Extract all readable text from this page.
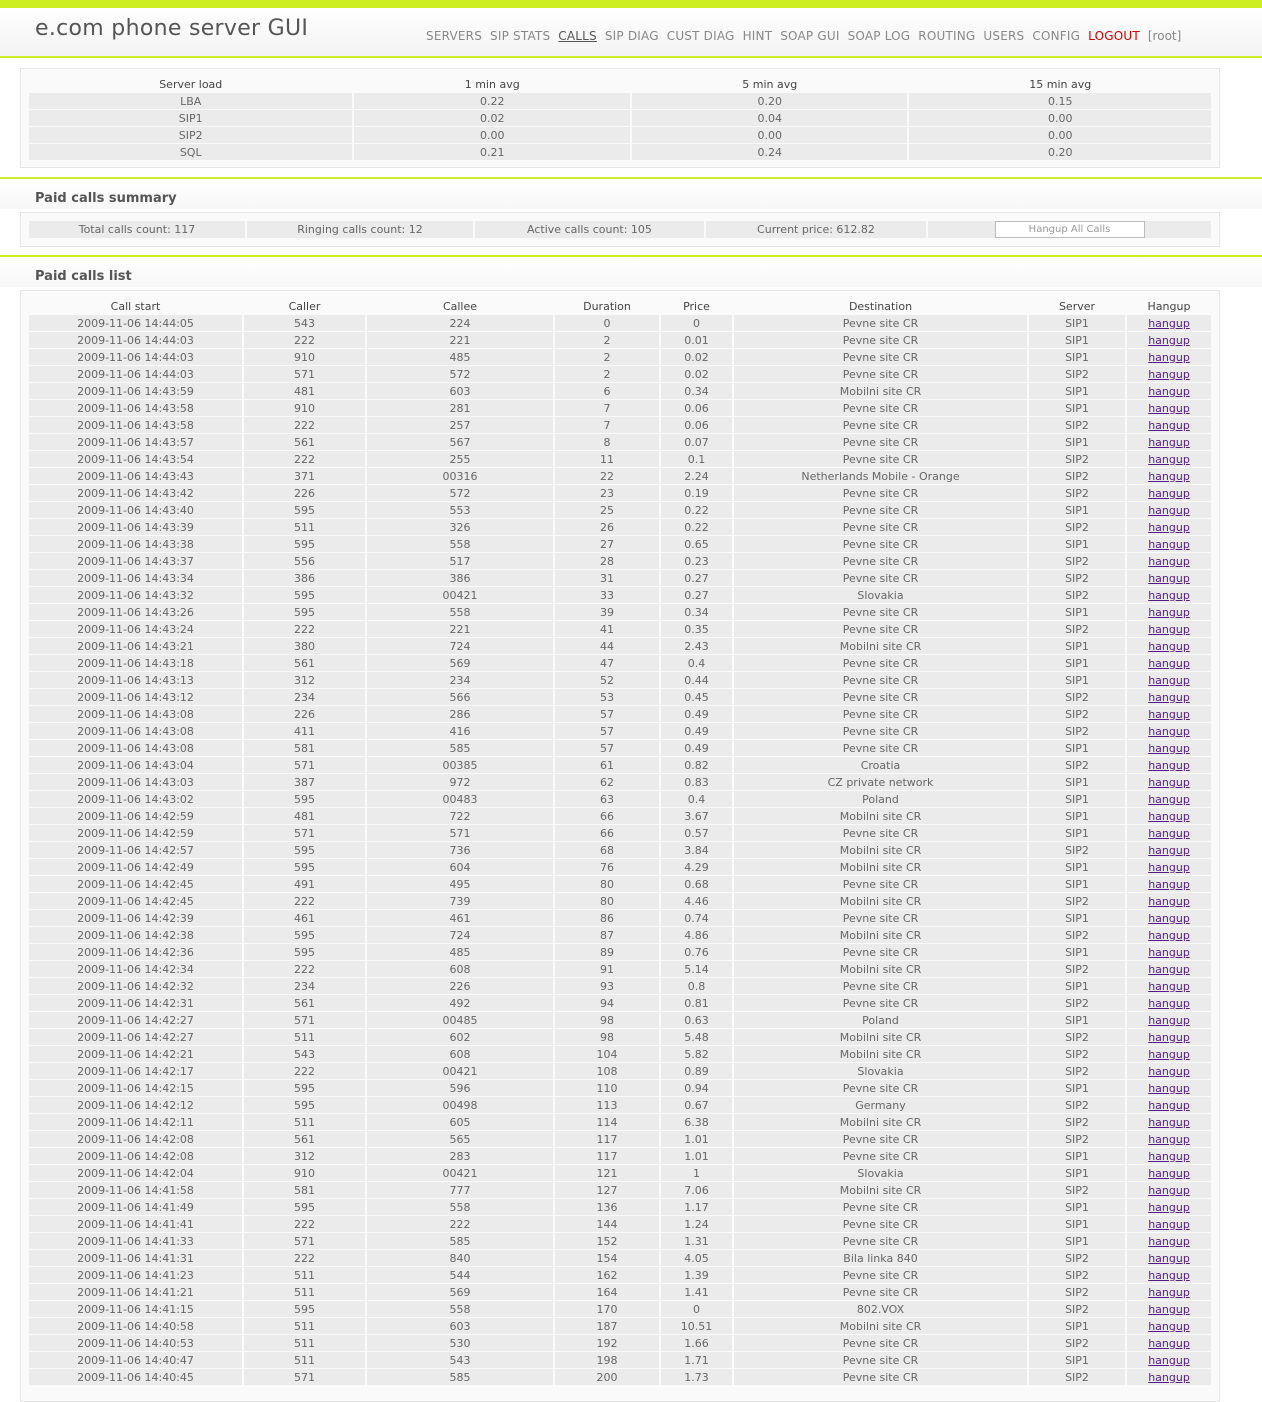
e.com phone server GUI	SERVERS SIP STATS CALLS SIP DIAG CUST DIAG HINT SOAP GUI SOAP LOG ROUTING USERS CONFIG LOGOUT [root]
Server load	1 min avg	5 min avg	15 min avg
LBA	0.22	0.20	0.15
SIP1	0.02	0.04	0.00
SIP2	0.00	0.00	0.00
SQL	0.21	0.24	0.20
Paid calls summary
Total calls count: 117	Ringing calls count: 12	Active calls count: 105	Current price: 612.82	Hangup All Calls
Paid calls list
Call start	Caller	Callee	Duration	Price	Destination	Server	Hangup
2009-11-06 14:44:05	543	224	0	0	Pevne site CR	SIP1	hangup
2009-11-06 14:44:03	222	221	2	0.01	Pevne site CR	SIP1	hangup
2009-11-06 14:44:03	910	485	2	0.02	Pevne site CR	SIP1	hangup
2009-11-06 14:44:03	571	572	2	0.02	Pevne site CR	SIP2	hangup
2009-11-06 14:43:59	481	603	6	0.34	Mobilni site CR	SIP1	hangup
2009-11-06 14:43:58	910	281	7	0.06	Pevne site CR	SIP1	hangup
2009-11-06 14:43:58	222	257	7	0.06	Pevne site CR	SIP2	hangup
2009-11-06 14:43:57	561	567	8	0.07	Pevne site CR	SIP1	hangup
2009-11-06 14:43:54	222	255	11	0.1	Pevne site CR	SIP2	hangup
2009-11-06 14:43:43	371	00316	22	2.24	Netherlands Mobile - Orange	SIP2	hangup
2009-11-06 14:43:42	226	572	23	0.19	Pevne site CR	SIP2	hangup
2009-11-06 14:43:40	595	553	25	0.22	Pevne site CR	SIP1	hangup
2009-11-06 14:43:39	511	326	26	0.22	Pevne site CR	SIP2	hangup
2009-11-06 14:43:38	595	558	27	0.65	Pevne site CR	SIP1	hangup
2009-11-06 14:43:37	556	517	28	0.23	Pevne site CR	SIP2	hangup
2009-11-06 14:43:34	386	386	31	0.27	Pevne site CR	SIP2	hangup
2009-11-06 14:43:32	595	00421	33	0.27	Slovakia	SIP2	hangup
2009-11-06 14:43:26	595	558	39	0.34	Pevne site CR	SIP1	hangup
2009-11-06 14:43:24	222	221	41	0.35	Pevne site CR	SIP2	hangup
2009-11-06 14:43:21	380	724	44	2.43	Mobilni site CR	SIP1	hangup
2009-11-06 14:43:18	561	569	47	0.4	Pevne site CR	SIP1	hangup
2009-11-06 14:43:13	312	234	52	0.44	Pevne site CR	SIP1	hangup
2009-11-06 14:43:12	234	566	53	0.45	Pevne site CR	SIP2	hangup
2009-11-06 14:43:08	226	286	57	0.49	Pevne site CR	SIP2	hangup
2009-11-06 14:43:08	411	416	57	0.49	Pevne site CR	SIP2	hangup
2009-11-06 14:43:08	581	585	57	0.49	Pevne site CR	SIP1	hangup
2009-11-06 14:43:04	571	00385	61	0.82	Croatia	SIP2	hangup
2009-11-06 14:43:03	387	972	62	0.83	CZ private network	SIP1	hangup
2009-11-06 14:43:02	595	00483	63	0.4	Poland	SIP1	hangup
2009-11-06 14:42:59	481	722	66	3.67	Mobilni site CR	SIP1	hangup
2009-11-06 14:42:59	571	571	66	0.57	Pevne site CR	SIP1	hangup
2009-11-06 14:42:57	595	736	68	3.84	Mobilni site CR	SIP2	hangup
2009-11-06 14:42:49	595	604	76	4.29	Mobilni site CR	SIP1	hangup
2009-11-06 14:42:45	491	495	80	0.68	Pevne site CR	SIP1	hangup
2009-11-06 14:42:45	222	739	80	4.46	Mobilni site CR	SIP2	hangup
2009-11-06 14:42:39	461	461	86	0.74	Pevne site CR	SIP1	hangup
2009-11-06 14:42:38	595	724	87	4.86	Mobilni site CR	SIP2	hangup
2009-11-06 14:42:36	595	485	89	0.76	Pevne site CR	SIP1	hangup
2009-11-06 14:42:34	222	608	91	5.14	Mobilni site CR	SIP2	hangup
2009-11-06 14:42:32	234	226	93	0.8	Pevne site CR	SIP1	hangup
2009-11-06 14:42:31	561	492	94	0.81	Pevne site CR	SIP2	hangup
2009-11-06 14:42:27	571	00485	98	0.63	Poland	SIP1	hangup
2009-11-06 14:42:27	511	602	98	5.48	Mobilni site CR	SIP2	hangup
2009-11-06 14:42:21	543	608	104	5.82	Mobilni site CR	SIP2	hangup
2009-11-06 14:42:17	222	00421	108	0.89	Slovakia	SIP2	hangup
2009-11-06 14:42:15	595	596	110	0.94	Pevne site CR	SIP1	hangup
2009-11-06 14:42:12	595	00498	113	0.67	Germany	SIP2	hangup
2009-11-06 14:42:11	511	605	114	6.38	Mobilni site CR	SIP2	hangup
2009-11-06 14:42:08	561	565	117	1.01	Pevne site CR	SIP2	hangup
2009-11-06 14:42:08	312	283	117	1.01	Pevne site CR	SIP1	hangup
2009-11-06 14:42:04	910	00421	121	1	Slovakia	SIP1	hangup
2009-11-06 14:41:58	581	777	127	7.06	Mobilni site CR	SIP2	hangup
2009-11-06 14:41:49	595	558	136	1.17	Pevne site CR	SIP1	hangup
2009-11-06 14:41:41	222	222	144	1.24	Pevne site CR	SIP1	hangup
2009-11-06 14:41:33	571	585	152	1.31	Pevne site CR	SIP1	hangup
2009-11-06 14:41:31	222	840	154	4.05	Bila linka 840	SIP2	hangup
2009-11-06 14:41:23	511	544	162	1.39	Pevne site CR	SIP2	hangup
2009-11-06 14:41:21	511	569	164	1.41	Pevne site CR	SIP2	hangup
2009-11-06 14:41:15	595	558	170	0	802.VOX	SIP2	hangup
2009-11-06 14:40:58	511	603	187	10.51	Mobilni site CR	SIP1	hangup
2009-11-06 14:40:53	511	530	192	1.66	Pevne site CR	SIP2	hangup
2009-11-06 14:40:47	511	543	198	1.71	Pevne site CR	SIP1	hangup
2009-11-06 14:40:45	571	585	200	1.73	Pevne site CR	SIP2	hangup
